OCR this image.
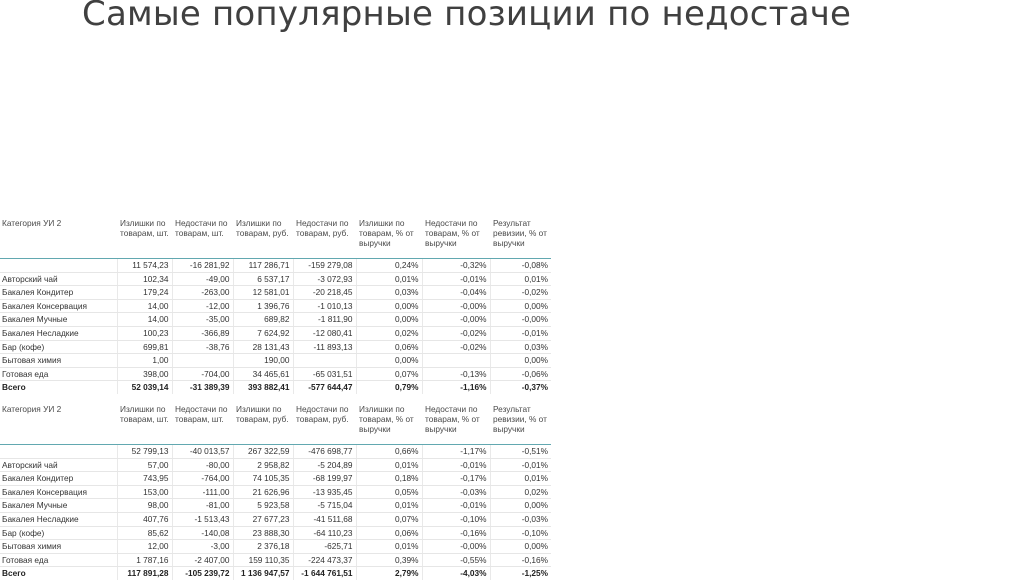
Самые популярные позиции по недостаче
Категория УИ 2	Излишки по товарам, шт.	Недостачи по товарам, шт.	Излишки по товарам, руб.	Недостачи по товарам, руб.	Излишки по товарам, % от выручки	Недостачи по товарам, % от выручки	Результат ревизии, % от выручки
	11 574,23	-16 281,92	117 286,71	-159 279,08	0,24%	-0,32%	-0,08%
Авторский чай	102,34	-49,00	6 537,17	-3 072,93	0,01%	-0,01%	0,01%
Бакалея Кондитер	179,24	-263,00	12 581,01	-20 218,45	0,03%	-0,04%	-0,02%
Бакалея Консервация	14,00	-12,00	1 396,76	-1 010,13	0,00%	-0,00%	0,00%
Бакалея Мучные	14,00	-35,00	689,82	-1 811,90	0,00%	-0,00%	-0,00%
Бакалея Несладкие	100,23	-366,89	7 624,92	-12 080,41	0,02%	-0,02%	-0,01%
Бар (кофе)	699,81	-38,76	28 131,43	-11 893,13	0,06%	-0,02%	0,03%
Бытовая химия	1,00		190,00		0,00%		0,00%
Готовая еда	398,00	-704,00	34 465,61	-65 031,51	0,07%	-0,13%	-0,06%
Всего	52 039,14	-31 389,39	393 882,41	-577 644,47	0,79%	-1,16%	-0,37%
Категория УИ 2	Излишки по товарам, шт.	Недостачи по товарам, шт.	Излишки по товарам, руб.	Недостачи по товарам, руб.	Излишки по товарам, % от выручки	Недостачи по товарам, % от выручки	Результат ревизии, % от выручки
	52 799,13	-40 013,57	267 322,59	-476 698,77	0,66%	-1,17%	-0,51%
Авторский чай	57,00	-80,00	2 958,82	-5 204,89	0,01%	-0,01%	-0,01%
Бакалея Кондитер	743,95	-764,00	74 105,35	-68 199,97	0,18%	-0,17%	0,01%
Бакалея Консервация	153,00	-111,00	21 626,96	-13 935,45	0,05%	-0,03%	0,02%
Бакалея Мучные	98,00	-81,00	5 923,58	-5 715,04	0,01%	-0,01%	0,00%
Бакалея Несладкие	407,76	-1 513,43	27 677,23	-41 511,68	0,07%	-0,10%	-0,03%
Бар (кофе)	85,62	-140,08	23 888,30	-64 110,23	0,06%	-0,16%	-0,10%
Бытовая химия	12,00	-3,00	2 376,18	-625,71	0,01%	-0,00%	0,00%
Готовая еда	1 787,16	-2 407,00	159 110,35	-224 473,37	0,39%	-0,55%	-0,16%
Всего	117 891,28	-105 239,72	1 136 947,57	-1 644 761,51	2,79%	-4,03%	-1,25%
